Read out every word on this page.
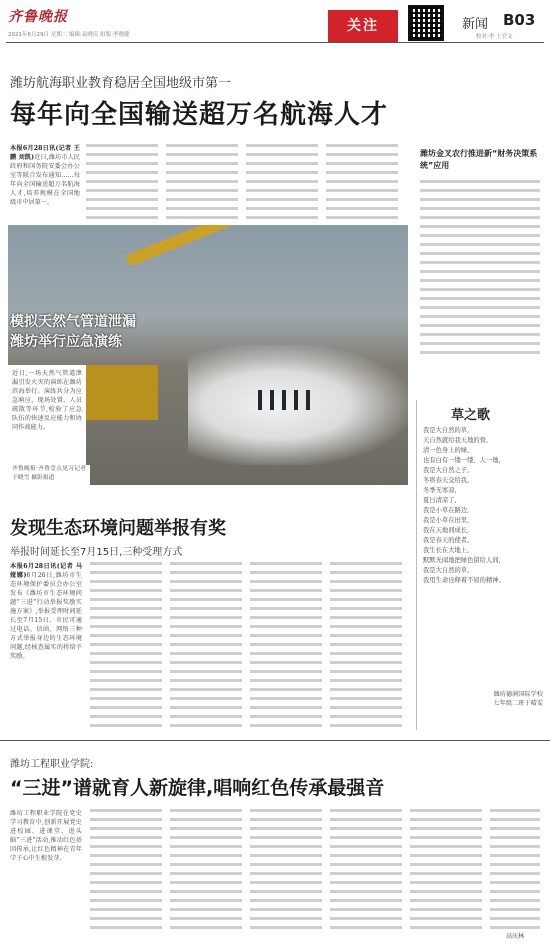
齐鲁晚报
2021年6月29日 星期二 编辑:袁晓庆 组版:李晓健
关注	新闻 B03
校对:李 上官文
潍坊航海职业教育稳居全国地级市第一
每年向全国输送超万名航海人才
本报6月28日讯(记者 王 鹏 刘凯)近日,潍坊市人民政府和国务院安委会办公室等联合发布通知……每年向全国输送超万名航海人才,培养规模在全国地级市中居第一。
潍坊金叉农行推进新“财务决策系统”应用
模拟天然气管道泄漏
潍坊举行应急演练
近日,一场天然气管道泄漏引发火灾的演练在潍坊滨海举行。演练共分为应急响应、现场处置、人员疏散等环节,检验了应急队伍的快速反应能力和协同作战能力。
齐鲁晚报·齐鲁壹点见习记者 于晓雪 摄影报道
草之歌
我是大自然的草,
天自然就给我天地的骨,
清一色身上的绿,
也有白有一缕一缕、人一地,
我是大自然之子,
冬将春天交给我,
冬季无寒凉,
夏日清凉了,
我是小草在路边,
我是小草在田里,
我在天地间成长,
我是春天的使者,
我生长在大地上,
默默无闻地把绿色留给人间,
我是大自然的草,
我用生命诠释着不屈的精神。
潍坊德润国际学校
七年级二班于晴雯
发现生态环境问题举报有奖
举报时间延长至7月15日,三种受理方式
本报6月28日讯(记者 马娅娜)6月26日,潍坊市生态环境保护委员会办公室发布《潍坊市生态环境问题“三进”行动举报奖励实施方案》,举报受理时间延长至7月15日。市民可通过电话、信函、网络三种方式举报身边的生态环境问题,经核查属实的将给予奖励。
潍坊工程职业学院:
“三进”谱就育人新旋律,唱响红色传承最强音
潍坊工程职业学院在党史学习教育中,创新开展党史进校园、进课堂、进头脑“三进”活动,推动红色基因传承,让红色精神在青年学子心中生根发芽。
高庆林
